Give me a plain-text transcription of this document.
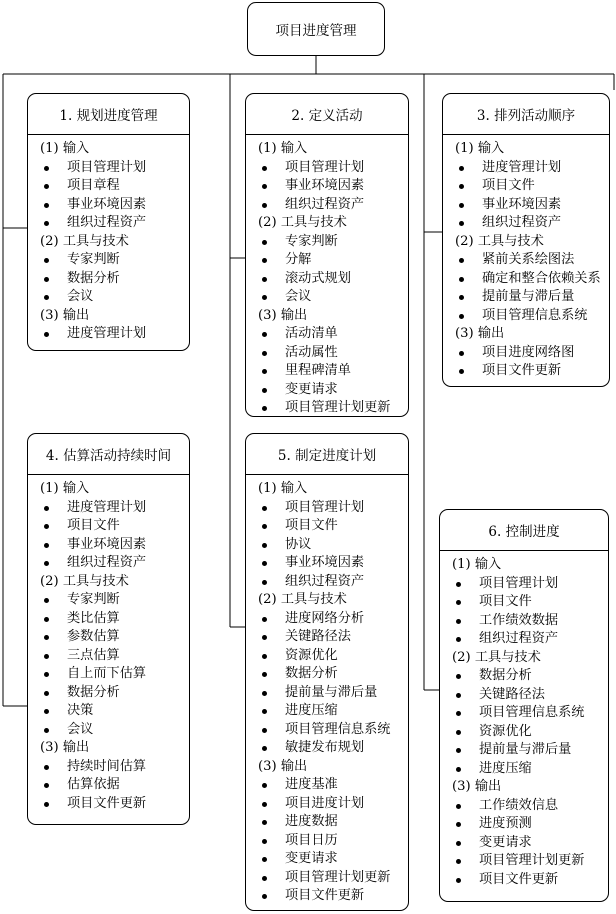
项目进度管理
1. 规划进度管理
(1) 输入
项目管理计划
项目章程
事业环境因素
组织过程资产
(2) 工具与技术
专家判断
数据分析
会议
(3) 输出
进度管理计划
2. 定义活动
(1) 输入
项目管理计划
事业环境因素
组织过程资产
(2) 工具与技术
专家判断
分解
滚动式规划
会议
(3) 输出
活动清单
活动属性
里程碑清单
变更请求
项目管理计划更新
3. 排列活动顺序
(1) 输入
进度管理计划
项目文件
事业环境因素
组织过程资产
(2) 工具与技术
紧前关系绘图法
确定和整合依赖关系
提前量与滞后量
项目管理信息系统
(3) 输出
项目进度网络图
项目文件更新
4. 估算活动持续时间
(1) 输入
进度管理计划
项目文件
事业环境因素
组织过程资产
(2) 工具与技术
专家判断
类比估算
参数估算
三点估算
自上而下估算
数据分析
决策
会议
(3) 输出
持续时间估算
估算依据
项目文件更新
5. 制定进度计划
(1) 输入
项目管理计划
项目文件
协议
事业环境因素
组织过程资产
(2) 工具与技术
进度网络分析
关键路径法
资源优化
数据分析
提前量与滞后量
进度压缩
项目管理信息系统
敏捷发布规划
(3) 输出
进度基准
项目进度计划
进度数据
项目日历
变更请求
项目管理计划更新
项目文件更新
6. 控制进度
(1) 输入
项目管理计划
项目文件
工作绩效数据
组织过程资产
(2) 工具与技术
数据分析
关键路径法
项目管理信息系统
资源优化
提前量与滞后量
进度压缩
(3) 输出
工作绩效信息
进度预测
变更请求
项目管理计划更新
项目文件更新
